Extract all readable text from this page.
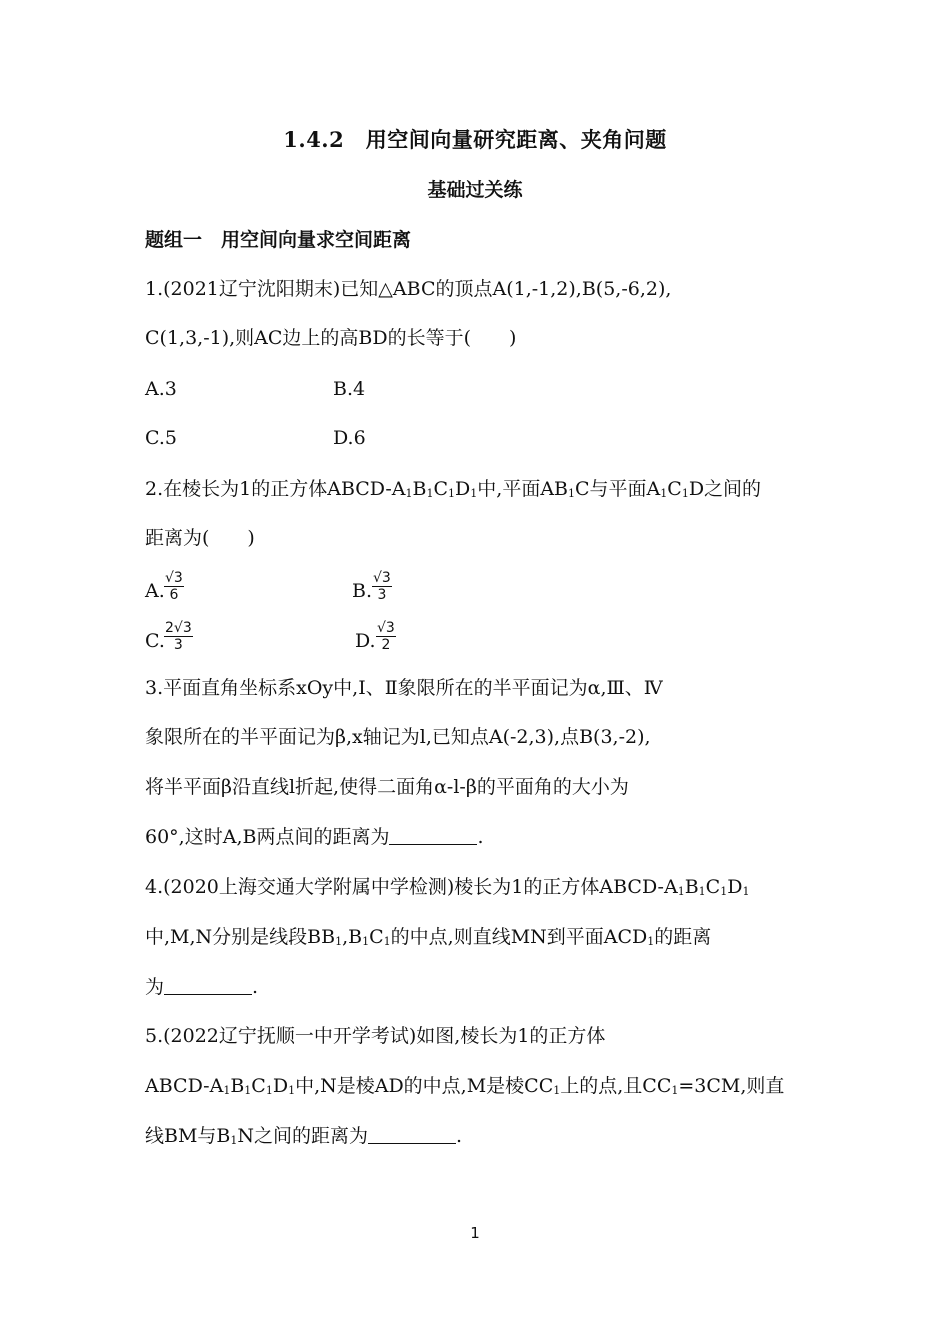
1.4.2　用空间向量研究距离、夹角问题
基础过关练
题组一　用空间向量求空间距离
1.(2021辽宁沈阳期末)已知△ABC的顶点A(1,-1,2),B(5,-6,2),
C(1,3,-1),则AC边上的高BD的长等于(　　)
A.3	B.4
C.5	D.6
2.在棱长为1的正方体ABCD-$A_1B_1C_1D_1$中,平面$AB_1C$与平面$A_1C_1D$之间的
距离为(　　)
A. $\frac{√3}{6}$	B. $\frac{√3}{3}$
C. $\frac{2√3}{3}$	D. $\frac{√3}{2}$
3.平面直角坐标系xOy中,Ⅰ、Ⅱ象限所在的半平面记为α,Ⅲ、Ⅳ
象限所在的半平面记为β,x轴记为l,已知点A(-2,3),点B(3,-2),
将半平面β沿直线l折起,使得二面角α-l-β的平面角的大小为
60°,这时A,B两点间的距离为	.
4.(2020上海交通大学附属中学检测)棱长为1的正方体ABCD-$A_1B_1C_1D_1$
中,M,N分别是线段$BB_1,B_1C_1$的中点,则直线MN到平面$ACD_1$的距离
为	.
5.(2022辽宁抚顺一中开学考试)如图,棱长为1的正方体
ABCD-$A_1B_1C_1D_1$中,N是棱AD的中点,M是棱$CC_1$上的点,且$CC_1=3CM$,则直
线BM与$B_1N$之间的距离为	.
1
